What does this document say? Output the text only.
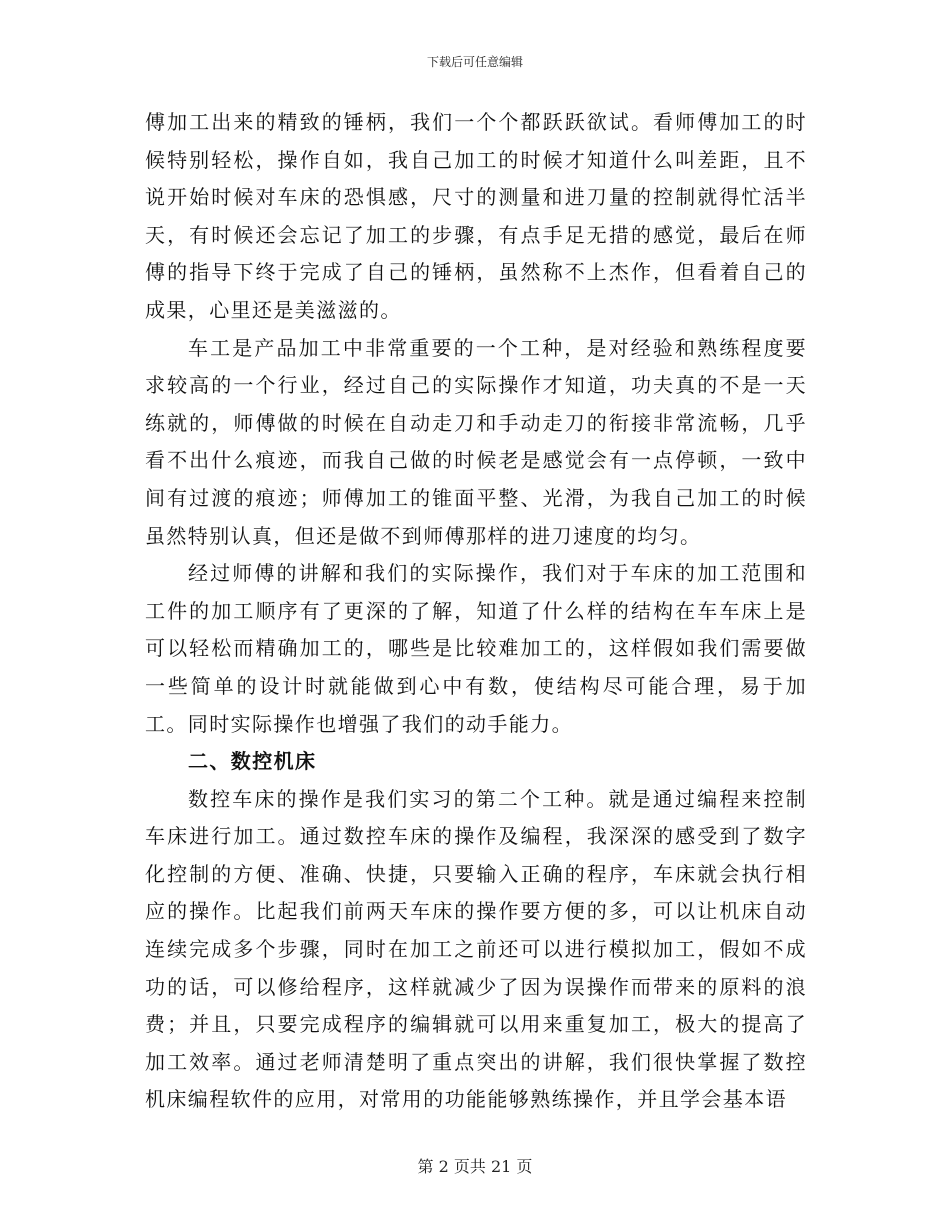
下载后可任意编辑

傅加工出来的精致的锤柄，我们一个个都跃跃欲试。看师傅加工的时候特别轻松，操作自如，我自己加工的时候才知道什么叫差距，且不说开始时候对车床的恐惧感，尺寸的测量和进刀量的控制就得忙活半天，有时候还会忘记了加工的步骤，有点手足无措的感觉，最后在师傅的指导下终于完成了自己的锤柄，虽然称不上杰作，但看着自己的成果，心里还是美滋滋的。

车工是产品加工中非常重要的一个工种，是对经验和熟练程度要求较高的一个行业，经过自己的实际操作才知道，功夫真的不是一天练就的，师傅做的时候在自动走刀和手动走刀的衔接非常流畅，几乎看不出什么痕迹，而我自己做的时候老是感觉会有一点停顿，一致中间有过渡的痕迹；师傅加工的锥面平整、光滑，为我自己加工的时候虽然特别认真，但还是做不到师傅那样的进刀速度的均匀。

经过师傅的讲解和我们的实际操作，我们对于车床的加工范围和工件的加工顺序有了更深的了解，知道了什么样的结构在车车床上是可以轻松而精确加工的，哪些是比较难加工的，这样假如我们需要做一些简单的设计时就能做到心中有数，使结构尽可能合理，易于加工。同时实际操作也增强了我们的动手能力。

二、数控机床

数控车床的操作是我们实习的第二个工种。就是通过编程来控制车床进行加工。通过数控车床的操作及编程，我深深的感受到了数字化控制的方便、准确、快捷，只要输入正确的程序，车床就会执行相应的操作。比起我们前两天车床的操作要方便的多，可以让机床自动连续完成多个步骤，同时在加工之前还可以进行模拟加工，假如不成功的话，可以修给程序，这样就减少了因为误操作而带来的原料的浪费；并且，只要完成程序的编辑就可以用来重复加工，极大的提高了加工效率。通过老师清楚明了重点突出的讲解，我们很快掌握了数控机床编程软件的应用，对常用的功能能够熟练操作，并且学会基本语

第 2 页共 21 页
